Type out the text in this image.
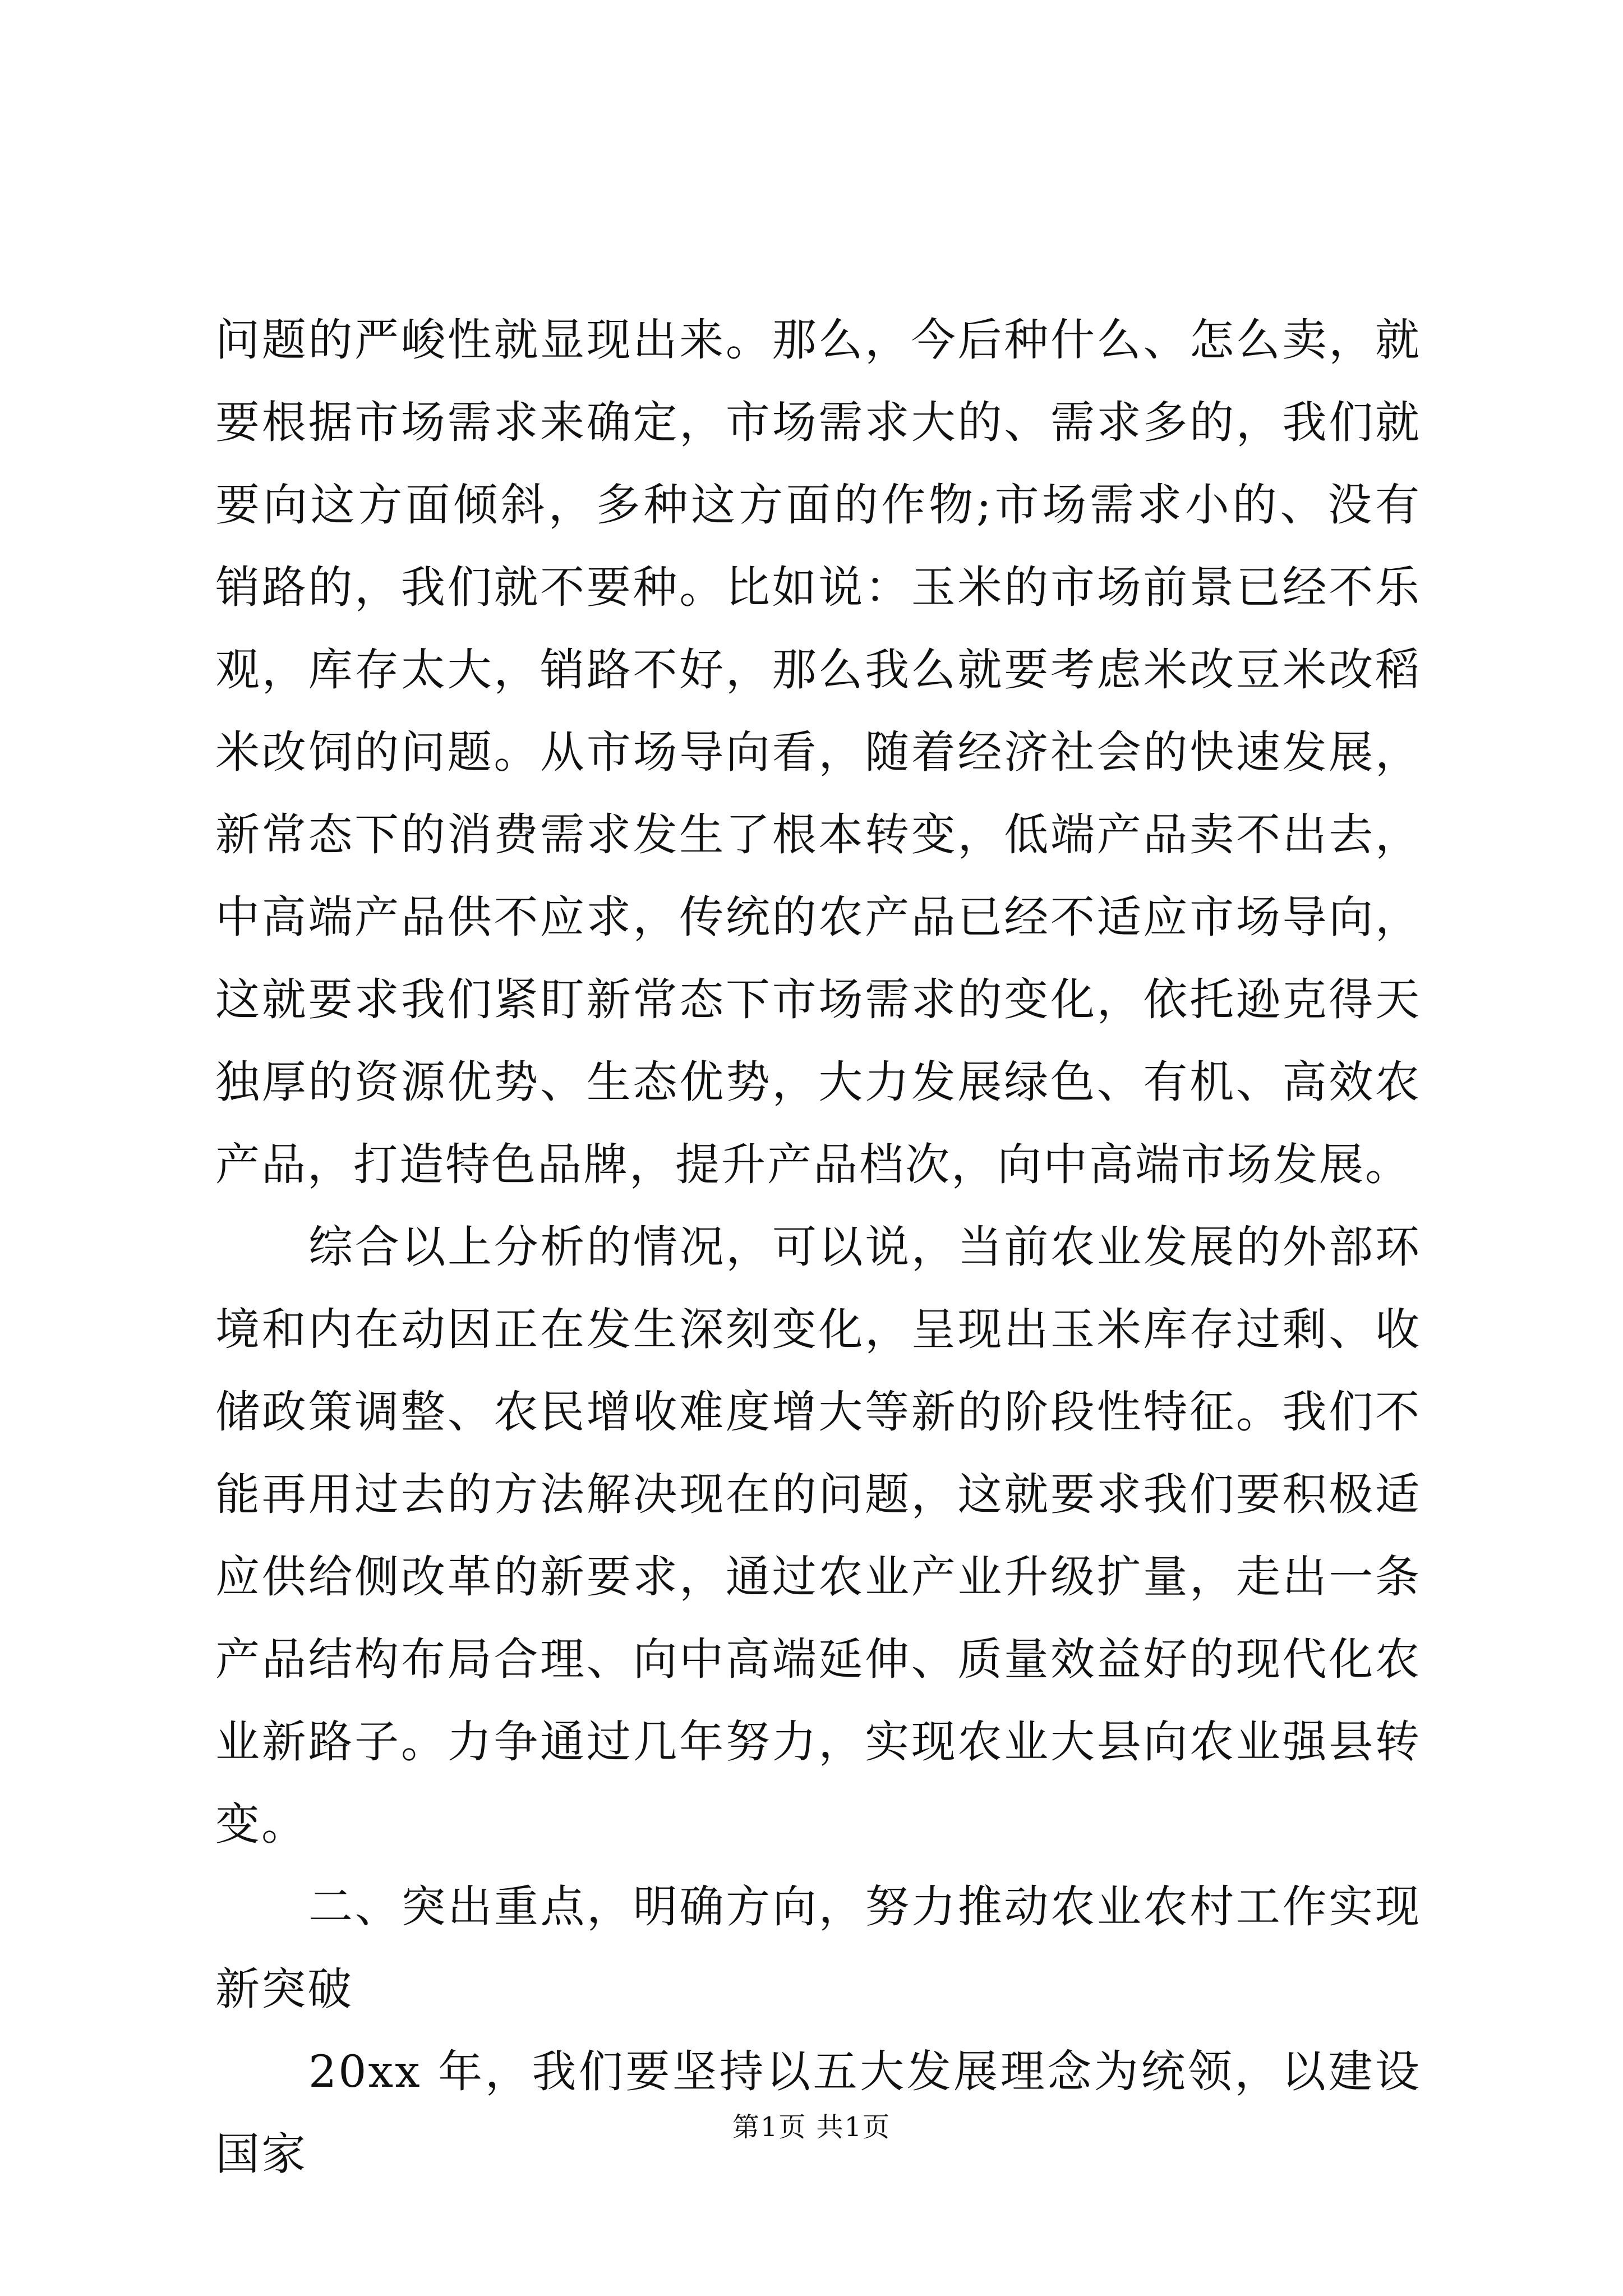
问题的严峻性就显现出来。那么，今后种什么、怎么卖，就要根据市场需求来确定，市场需求大的、需求多的，我们就要向这方面倾斜，多种这方面的作物;市场需求小的、没有销路的，我们就不要种。比如说：玉米的市场前景已经不乐观，库存太大，销路不好，那么我么就要考虑米改豆米改稻米改饲的问题。从市场导向看，随着经济社会的快速发展，新常态下的消费需求发生了根本转变，低端产品卖不出去，中高端产品供不应求，传统的农产品已经不适应市场导向，这就要求我们紧盯新常态下市场需求的变化，依托逊克得天独厚的资源优势、生态优势，大力发展绿色、有机、高效农产品，打造特色品牌，提升产品档次，向中高端市场发展。

综合以上分析的情况，可以说，当前农业发展的外部环境和内在动因正在发生深刻变化，呈现出玉米库存过剩、收储政策调整、农民增收难度增大等新的阶段性特征。我们不能再用过去的方法解决现在的问题，这就要求我们要积极适应供给侧改革的新要求，通过农业产业升级扩量，走出一条产品结构布局合理、向中高端延伸、质量效益好的现代化农业新路子。力争通过几年努力，实现农业大县向农业强县转变。

二、突出重点，明确方向，努力推动农业农村工作实现新突破

20xx 年，我们要坚持以五大发展理念为统领，以建设国家

第1页 共1页
